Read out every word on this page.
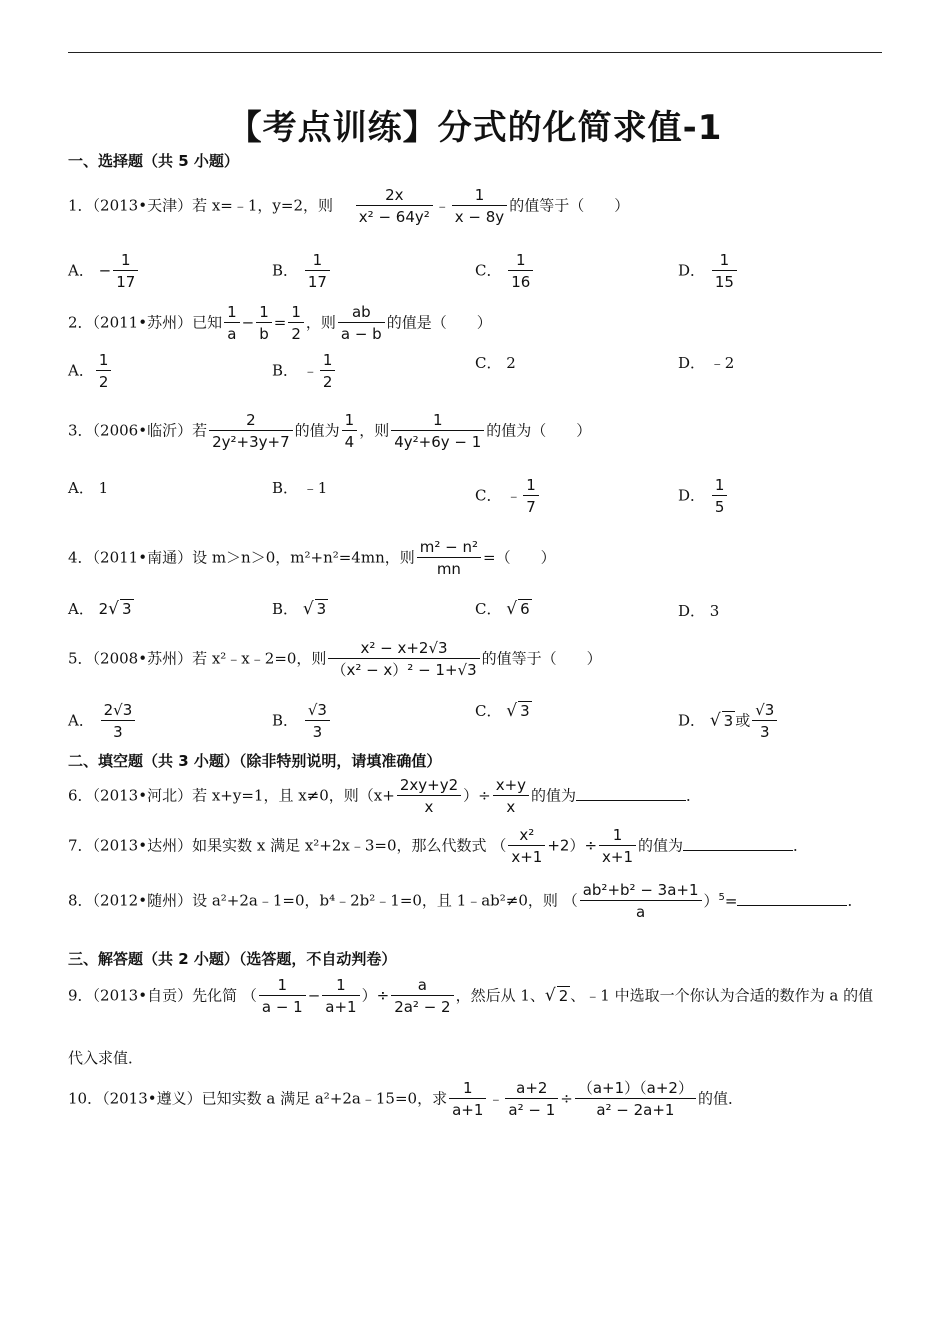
【考点训练】分式的化简求值-1
一、选择题（共 5 小题）
1．（2013•天津）若 x=﹣1，y=2，则 $\frac{2x}{\text{x² − 64y²}}$ ﹣ $\frac{1}{x - 8y}$ 的值等于（　　）
A． − $\frac{1}{17}$	B． $\frac{1}{17}$	C． $\frac{1}{16}$	D． $\frac{1}{15}$
2．（2011•苏州）已知 $\frac{1}{a} - \frac{1}{b} = \frac{1}{2}$ ，则 $\frac{ab}{a - b}$ 的值是（　　）
A． $\frac{1}{2}$	B． ﹣ $\frac{1}{2}$	C． 2	D． ﹣2
3．（2006•临沂）若 $\frac{2}{\text{2y²+3y+7}}$ 的值为 $\frac{1}{4}$ ，则 $\frac{1}{\text{4y²+6y − 1}}$ 的值为（　　）
A． 1	B． ﹣1	C． ﹣ $\frac{1}{7}$	D． $\frac{1}{5}$
4．（2011•南通）设 m＞n＞0，m²+n²=4mn，则 $\frac{\text{m² − n²}}{mn}$ =（　　）
A． 2√ 3	B． √ 3	C． √ 6	D． 3
5．（2008•苏州）若 x²﹣x﹣2=0，则 $\frac{\text{x² − x+2√3}}{\text{（x² − x）² − 1+√3}}$ 的值等于（　　）
A． $\frac{2√3}{3}$	B． $\frac{√3}{3}$	C． √ 3
D． √ 3 或 $\frac{√3}{3}$
二、填空题（共 3 小题）（除非特别说明，请填准确值）
6．（2013•河北）若 x+y=1，且 x≠0，则（$x+ \frac{2xy+y2}{x}$ ）÷ $\frac{x+y}{x}$ 的值为	．
7．（2013•达州）如果实数 x 满足 x²+2x﹣3=0，那么代数式 （ $\frac{\text{x²}}{x+1} +2)\div \frac{1}{x+1}$ 的值为	．
8．（2012•随州）设 a²+2a﹣1=0，b⁴﹣2b²﹣1=0，且 1﹣ab²≠0，则 （ $\frac{\text{ab²+b² − 3a+1}}{a} )^5=$	．
三、解答题（共 2 小题）（选答题，不自动判卷）
9．（2013•自贡）先化简 （ $\frac{1}{a - 1} - \frac{1}{a+1}$ ）÷ $\frac{a}{\text{2a² − 2}}$ ，然后从 1、√ 2 、﹣1 中选取一个你认为合适的数作为 a 的值
代入求值．
10．（2013•遵义）已知实数 a 满足 a²+2a﹣15=0，求 $\frac{1}{a+1}$ ﹣ $\frac{a+2}{\text{a² − 1}} \div \frac{(a+1)(a+2)}{\text{a² − 2a+1}}$ 的值．
